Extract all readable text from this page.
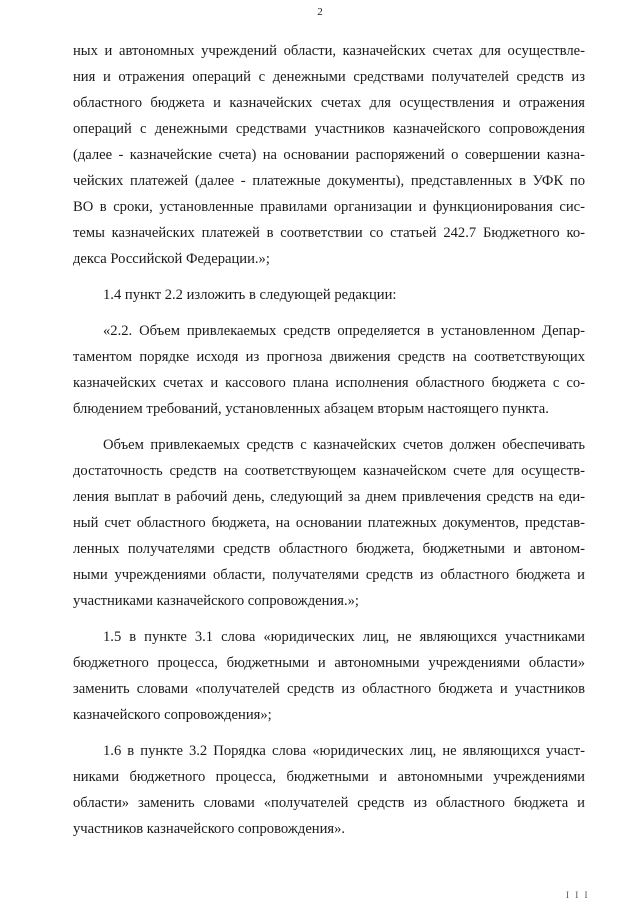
2
ных и автономных учреждений области, казначейских счетах для осуществле-
ния и отражения операций с денежными средствами получателей средств из
областного бюджета и казначейских счетах для осуществления и отражения
операций с денежными средствами участников казначейского сопровождения
(далее - казначейские счета) на основании распоряжений о совершении казна-
чейских платежей (далее - платежные документы), представленных в УФК по
ВО в сроки, установленные правилами организации и функционирования сис-
темы казначейских платежей в соответствии со статьей 242.7 Бюджетного ко-
декса Российской Федерации.»;
1.4 пункт 2.2 изложить в следующей редакции:
«2.2. Объем привлекаемых средств определяется в установленном Депар-
таментом порядке исходя из прогноза движения средств на соответствующих
казначейских счетах и кассового плана исполнения областного бюджета с со-
блюдением требований, установленных абзацем вторым настоящего пункта.
Объем привлекаемых средств с казначейских счетов должен обеспечивать
достаточность средств на соответствующем казначейском счете для осуществ-
ления выплат в рабочий день, следующий за днем привлечения средств на еди-
ный счет областного бюджета, на основании платежных документов, представ-
ленных получателями средств областного бюджета, бюджетными и автоном-
ными учреждениями области, получателями средств из областного бюджета и
участниками казначейского сопровождения.»;
1.5 в пункте 3.1 слова «юридических лиц, не являющихся участниками
бюджетного процесса, бюджетными и автономными учреждениями области»
заменить словами «получателей средств из областного бюджета и участников
казначейского сопровождения»;
1.6 в пункте 3.2 Порядка слова «юридических лиц, не являющихся участ-
никами бюджетного процесса, бюджетными и автономными учреждениями
области» заменить словами «получателей средств из областного бюджета и
участников казначейского сопровождения».
I I I
